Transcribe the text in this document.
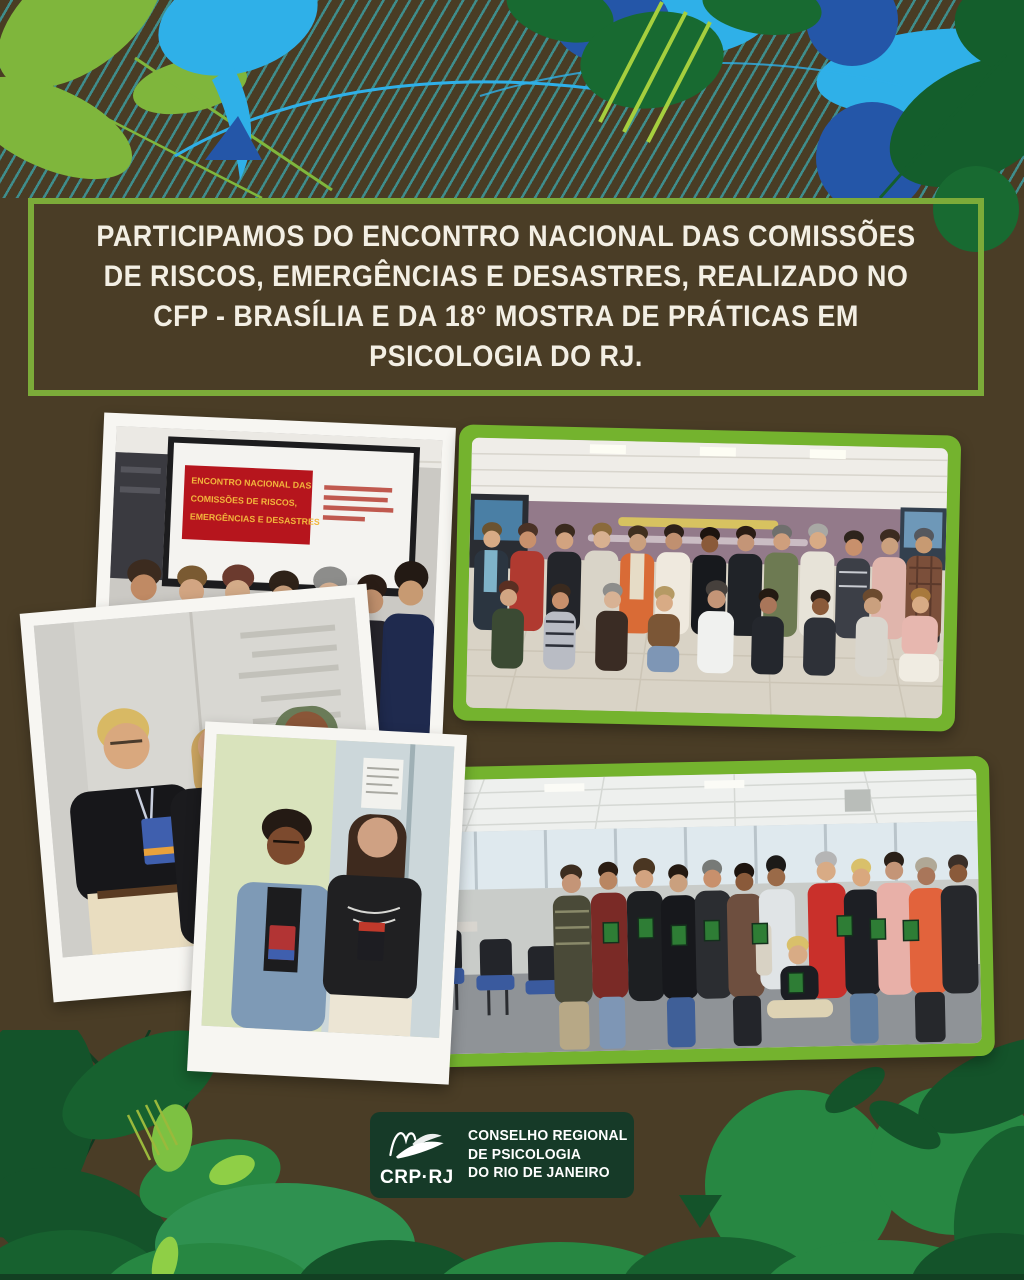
PARTICIPAMOS DO ENCONTRO NACIONAL DAS COMISSÕES
DE RISCOS, EMERGÊNCIAS E DESASTRES, REALIZADO NO
CFP - BRASÍLIA E DA 18° MOSTRA DE PRÁTICAS EM
PSICOLOGIA DO RJ.
ENCONTRO NACIONAL DAS
COMISSÕES DE RISCOS,
EMERGÊNCIAS E DESASTRES
CRP·RJ
CONSELHO REGIONAL
DE PSICOLOGIA
DO RIO DE JANEIRO
